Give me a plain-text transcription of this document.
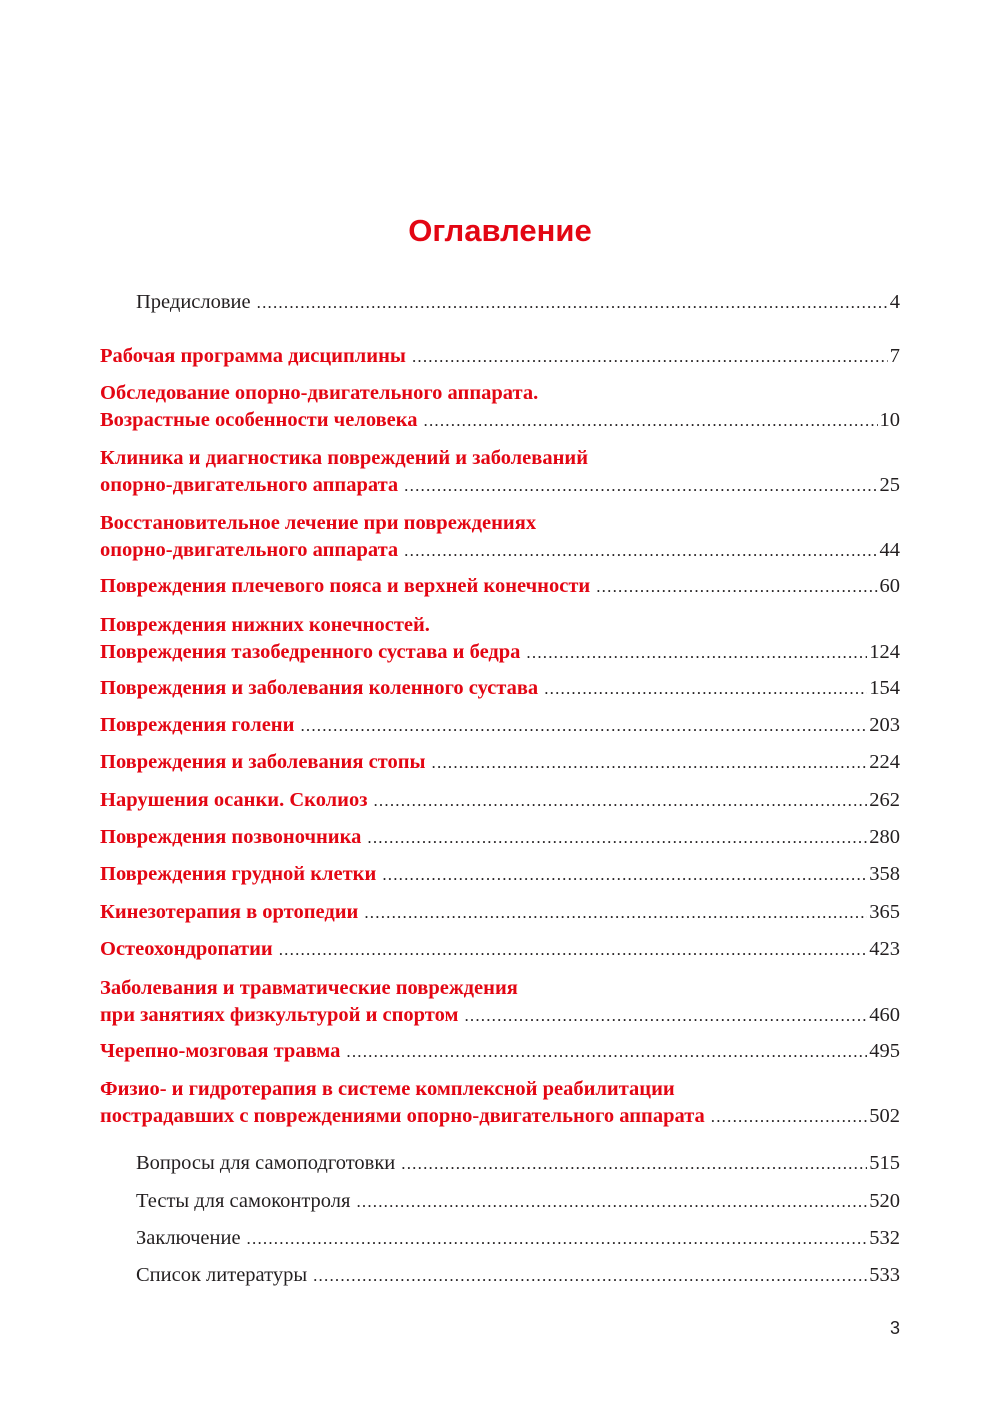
Оглавление
Предисловие .....	4
Рабочая программа дисциплины .....	7
Обследование опорно-двигательного аппарата.
Возрастные особенности человека .....	10
Клиника и диагностика повреждений и заболеваний
опорно-двигательного аппарата .....	25
Восстановительное лечение при повреждениях
опорно-двигательного аппарата .....	44
Повреждения плечевого пояса и верхней конечности .....	60
Повреждения нижних конечностей.
Повреждения тазобедренного сустава и бедра .....	124
Повреждения и заболевания коленного сустава .....	154
Повреждения голени .....	203
Повреждения и заболевания стопы .....	224
Нарушения осанки. Сколиоз .....	262
Повреждения позвоночника .....	280
Повреждения грудной клетки .....	358
Кинезотерапия в ортопедии .....	365
Остеохондропатии .....	423
Заболевания и травматические повреждения
при занятиях физкультурой и спортом .....	460
Черепно-мозговая травма .....	495
Физио- и гидротерапия в системе комплексной реабилитации
пострадавших с повреждениями опорно-двигательного аппарата .....	502
Вопросы для самоподготовки .....	515
Тесты для самоконтроля .....	520
Заключение .....	532
Список литературы .....	533
3
